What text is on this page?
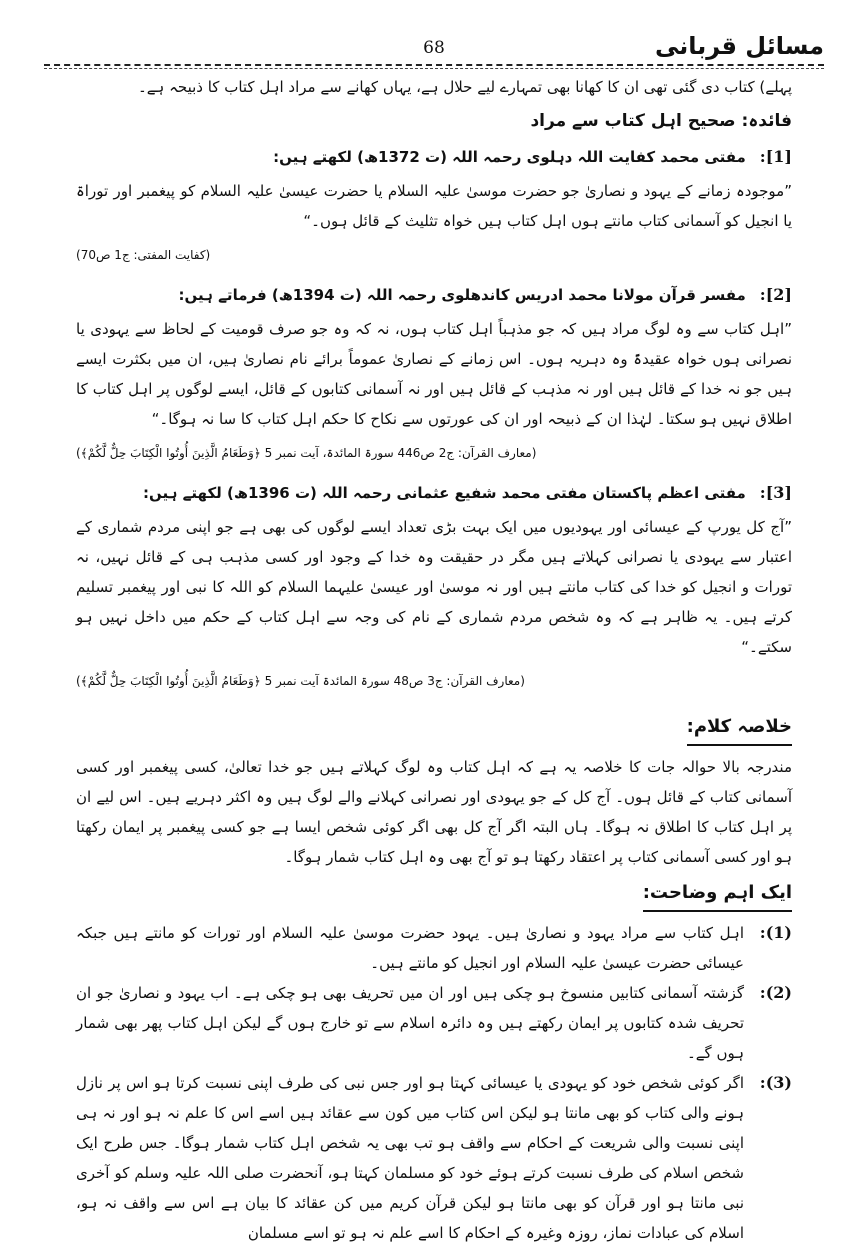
مسائل قربانی
68

پہلے) کتاب دی گئی تھی ان کا کھانا بھی تمہارے لیے حلال ہے، یہاں کھانے سے مراد اہل کتاب کا ذبیحہ ہے۔

فائدہ: صحیح اہل کتاب سے مراد

[1]:
مفتی محمد کفایت اللہ دہلوی رحمہ اللہ (ت 1372ھ) لکھتے ہیں:

”موجودہ زمانے کے یہود و نصاریٰ جو حضرت موسیٰ علیہ السلام یا حضرت عیسیٰ علیہ السلام کو پیغمبر اور توراۃ یا انجیل کو آسمانی کتاب مانتے ہوں اہل کتاب ہیں خواہ تثلیث کے قائل ہوں۔“

(کفایت المفتی: ج1 ص70)

[2]:
مفسر قرآن مولانا محمد ادریس کاندھلوی رحمہ اللہ (ت 1394ھ) فرماتے ہیں:

”اہل کتاب سے وہ لوگ مراد ہیں کہ جو مذہباً اہل کتاب ہوں، نہ کہ وہ جو صرف قومیت کے لحاظ سے یہودی یا نصرانی ہوں خواہ عقیدۃً وہ دہریہ ہوں۔ اس زمانے کے نصاریٰ عموماً برائے نام نصاریٰ ہیں، ان میں بکثرت ایسے ہیں جو نہ خدا کے قائل ہیں اور نہ مذہب کے قائل ہیں اور نہ آسمانی کتابوں کے قائل، ایسے لوگوں پر اہل کتاب کا اطلاق نہیں ہو سکتا۔ لہٰذا ان کے ذبیحہ اور ان کی عورتوں سے نکاح کا حکم اہل کتاب کا سا نہ ہوگا۔“

(معارف القرآن: ج2 ص446 سورۃ المائدۃ، آیت نمبر 5 ﴿وَطَعَامُ الَّذِينَ أُوتُوا الْكِتَابَ حِلٌّ لَّكُمْ﴾)

[3]:
مفتی اعظم پاکستان مفتی محمد شفیع عثمانی رحمہ اللہ (ت 1396ھ) لکھتے ہیں:

”آج کل یورپ کے عیسائی اور یہودیوں میں ایک بہت بڑی تعداد ایسے لوگوں کی بھی ہے جو اپنی مردم شماری کے اعتبار سے یہودی یا نصرانی کہلاتے ہیں مگر در حقیقت وہ خدا کے وجود اور کسی مذہب ہی کے قائل نہیں، نہ تورات و انجیل کو خدا کی کتاب مانتے ہیں اور نہ موسیٰ اور عیسیٰ علیہما السلام کو اللہ کا نبی اور پیغمبر تسلیم کرتے ہیں۔ یہ ظاہر ہے کہ وہ شخص مردم شماری کے نام کی وجہ سے اہل کتاب کے حکم میں داخل نہیں ہو سکتے۔“

(معارف القرآن: ج3 ص48 سورۃ المائدۃ آیت نمبر 5 ﴿وَطَعَامُ الَّذِينَ أُوتُوا الْكِتَابَ حِلٌّ لَّكُمْ﴾)

خلاصہ کلام:

مندرجہ بالا حوالہ جات کا خلاصہ یہ ہے کہ اہل کتاب وہ لوگ کہلاتے ہیں جو خدا تعالیٰ، کسی پیغمبر اور کسی آسمانی کتاب کے قائل ہوں۔ آج کل کے جو یہودی اور نصرانی کہلانے والے لوگ ہیں وہ اکثر دہریے ہیں۔ اس لیے ان پر اہل کتاب کا اطلاق نہ ہوگا۔ ہاں البتہ اگر آج کل بھی اگر کوئی شخص ایسا ہے جو کسی پیغمبر پر ایمان رکھتا ہو اور کسی آسمانی کتاب پر اعتقاد رکھتا ہو تو آج بھی وہ اہل کتاب شمار ہوگا۔

ایک اہم وضاحت:

(1):
اہل کتاب سے مراد یہود و نصاریٰ ہیں۔ یہود حضرت موسیٰ علیہ السلام اور تورات کو مانتے ہیں جبکہ عیسائی حضرت عیسیٰ علیہ السلام اور انجیل کو مانتے ہیں۔

(2):
گزشتہ آسمانی کتابیں منسوخ ہو چکی ہیں اور ان میں تحریف بھی ہو چکی ہے۔ اب یہود و نصاریٰ جو ان تحریف شدہ کتابوں پر ایمان رکھتے ہیں وہ دائرہ اسلام سے تو خارج ہوں گے لیکن اہل کتاب پھر بھی شمار ہوں گے۔

(3):
اگر کوئی شخص خود کو یہودی یا عیسائی کہتا ہو اور جس نبی کی طرف اپنی نسبت کرتا ہو اس پر نازل ہونے والی کتاب کو بھی مانتا ہو لیکن اس کتاب میں کون سے عقائد ہیں اسے اس کا علم نہ ہو اور نہ ہی اپنی نسبت والی شریعت کے احکام سے واقف ہو تب بھی یہ شخص اہل کتاب شمار ہوگا۔ جس طرح ایک شخص اسلام کی طرف نسبت کرتے ہوئے خود کو مسلمان کہتا ہو، آنحضرت صلی اللہ علیہ وسلم کو آخری نبی مانتا ہو اور قرآن کو بھی مانتا ہو لیکن قرآن کریم میں کن عقائد کا بیان ہے اس سے واقف نہ ہو، اسلام کی عبادات نماز، روزہ وغیرہ کے احکام کا اسے علم نہ ہو تو اسے مسلمان
